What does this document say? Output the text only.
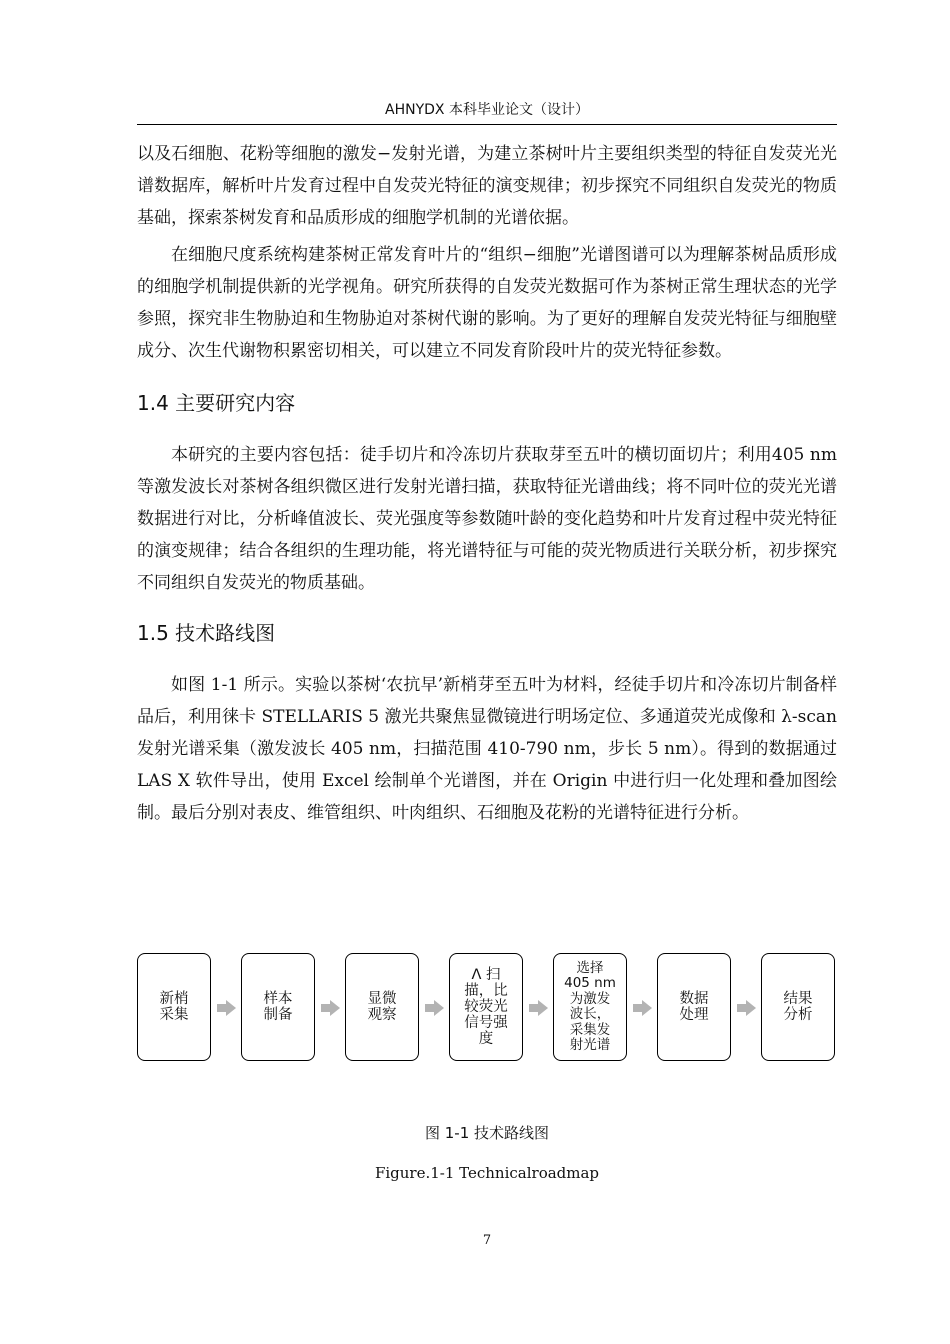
AHNYDX 本科毕业论文（设计）

以及石细胞、花粉等细胞的激发−发射光谱，为建立茶树叶片主要组织类型的特征自发荧光光谱数据库，解析叶片发育过程中自发荧光特征的演变规律；初步探究不同组织自发荧光的物质基础，探索茶树发育和品质形成的细胞学机制的光谱依据。

在细胞尺度系统构建茶树正常发育叶片的“组织−细胞”光谱图谱可以为理解茶树品质形成的细胞学机制提供新的光学视角。研究所获得的自发荧光数据可作为茶树正常生理状态的光学参照，探究非生物胁迫和生物胁迫对茶树代谢的影响。为了更好的理解自发荧光特征与细胞壁成分、次生代谢物积累密切相关，可以建立不同发育阶段叶片的荧光特征参数。

1.4 主要研究内容

本研究的主要内容包括：徒手切片和冷冻切片获取芽至五叶的横切面切片；利用405 nm 等激发波长对茶树各组织微区进行发射光谱扫描，获取特征光谱曲线；将不同叶位的荧光光谱数据进行对比，分析峰值波长、荧光强度等参数随叶龄的变化趋势和叶片发育过程中荧光特征的演变规律；结合各组织的生理功能，将光谱特征与可能的荧光物质进行关联分析，初步探究不同组织自发荧光的物质基础。

1.5 技术路线图

如图 1-1 所示。实验以茶树‘农抗早’新梢芽至五叶为材料，经徒手切片和冷冻切片制备样品后，利用徕卡 STELLARIS 5 激光共聚焦显微镜进行明场定位、多通道荧光成像和 λ-scan 发射光谱采集（激发波长 405 nm，扫描范围 410-790 nm，步长 5 nm）。得到的数据通过 LAS X 软件导出，使用 Excel 绘制单个光谱图，并在 Origin 中进行归一化处理和叠加图绘制。最后分别对表皮、维管组织、叶肉组织、石细胞及花粉的光谱特征进行分析。

新梢
采集
样本
制备
显微
观察
Λ 扫
描，比
较荧光
信号强
度
选择
405 nm
为激发
波长，
采集发
射光谱
数据
处理
结果
分析
图 1-1 技术路线图
Figure.1-1 Technicalroadmap
7
